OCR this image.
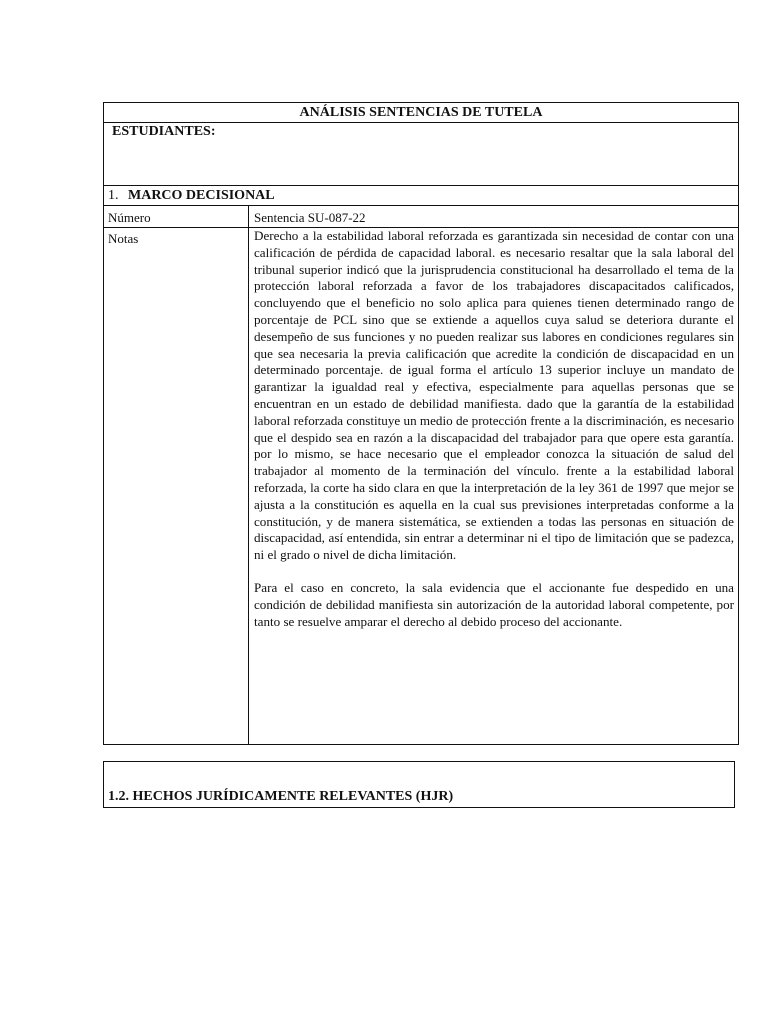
ANÁLISIS SENTENCIAS DE TUTELA
ESTUDIANTES:
1. MARCO DECISIONAL
Número	Sentencia SU-087-22
Notas	Derecho a la estabilidad laboral reforzada es garantizada sin necesidad de contar con una calificación de pérdida de capacidad laboral. es necesario resaltar que la sala laboral del tribunal superior indicó que la jurisprudencia constitucional ha desarrollado el tema de la protección laboral reforzada a favor de los trabajadores discapacitados calificados, concluyendo que el beneficio no solo aplica para quienes tienen determinado rango de porcentaje de PCL sino que se extiende a aquellos cuya salud se deteriora durante el desempeño de sus funciones y no pueden realizar sus labores en condiciones regulares sin que sea necesaria la previa calificación que acredite la condición de discapacidad en un determinado porcentaje. de igual forma el artículo 13 superior incluye un mandato de garantizar la igualdad real y efectiva, especialmente para aquellas personas que se encuentran en un estado de debilidad manifiesta. dado que la garantía de la estabilidad laboral reforzada constituye un medio de protección frente a la discriminación, es necesario que el despido sea en razón a la discapacidad del trabajador para que opere esta garantía. por lo mismo, se hace necesario que el empleador conozca la situación de salud del trabajador al momento de la terminación del vínculo. frente a la estabilidad laboral reforzada, la corte ha sido clara en que la interpretación de la ley 361 de 1997 que mejor se ajusta a la constitución es aquella en la cual sus previsiones interpretadas conforme a la constitución, y de manera sistemática, se extienden a todas las personas en situación de discapacidad, así entendida, sin entrar a determinar ni el tipo de limitación que se padezca, ni el grado o nivel de dicha limitación.

Para el caso en concreto, la sala evidencia que el accionante fue despedido en una condición de debilidad manifiesta sin autorización de la autoridad laboral competente, por tanto se resuelve amparar el derecho al debido proceso del accionante.

1.2. HECHOS JURÍDICAMENTE RELEVANTES (HJR)
